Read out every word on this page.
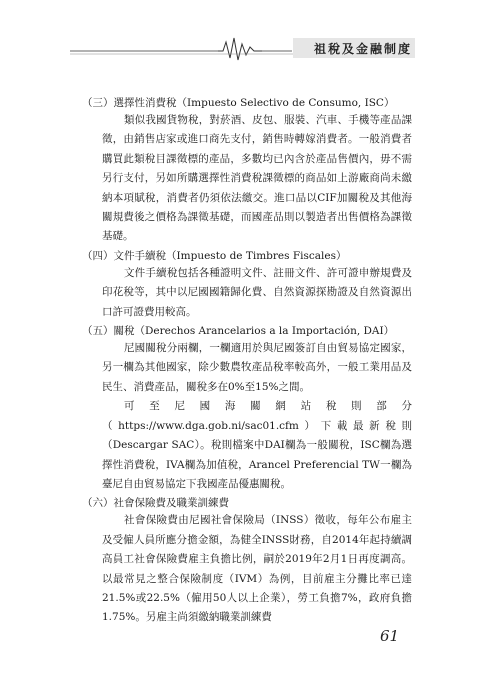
祖稅及金融制度

（三）選擇性消費稅（Impuesto Selectivo de Consumo, ISC）

類似我國貨物稅，對菸酒、皮包、服裝、汽車、手機等產品課徵，由銷售店家或進口商先支付，銷售時轉嫁消費者。一般消費者購買此類稅目課徵標的產品，多數均已內含於產品售價內，毋不需另行支付，另如所購選擇性消費稅課徵標的商品如上游廠商尚未繳納本項賦稅，消費者仍須依法繳交。進口品以CIF加關稅及其他海關規費後之價格為課徵基礎，而國產品則以製造者出售價格為課徵基礎。

（四）文件手續稅（Impuesto de Timbres Fiscales）

文件手續稅包括各種證明文件、註冊文件、許可證申辦規費及印花稅等，其中以尼國國籍歸化費、自然資源探勘證及自然資源出口許可證費用較高。

（五）關稅（Derechos Arancelarios a la Importación, DAI）

尼國關稅分兩欄，一欄適用於與尼國簽訂自由貿易協定國家，另一欄為其他國家，除少數農牧產品稅率較高外，一般工業用品及民生、消費產品，關稅多在0%至15%之間。

可至尼國海關網站稅則部分（https://www.dga.gob.ni/sac01.cfm）下載最新稅則（Descargar SAC）。稅則檔案中DAI欄為一般關稅，ISC欄為選擇性消費稅，IVA欄為加值稅，Arancel Preferencial TW一欄為臺尼自由貿易協定下我國產品優惠關稅。

（六）社會保險費及職業訓練費

社會保險費由尼國社會保險局（INSS）徵收，每年公布雇主及受僱人員所應分擔金額，為健全INSS財務，自2014年起持續調高員工社會保險費雇主負擔比例，嗣於2019年2月1日再度調高。以最常見之整合保險制度（IVM）為例，目前雇主分攤比率已達21.5%或22.5%（僱用50人以上企業），勞工負擔7%，政府負擔1.75%。另雇主尚須繳納職業訓練費

61
